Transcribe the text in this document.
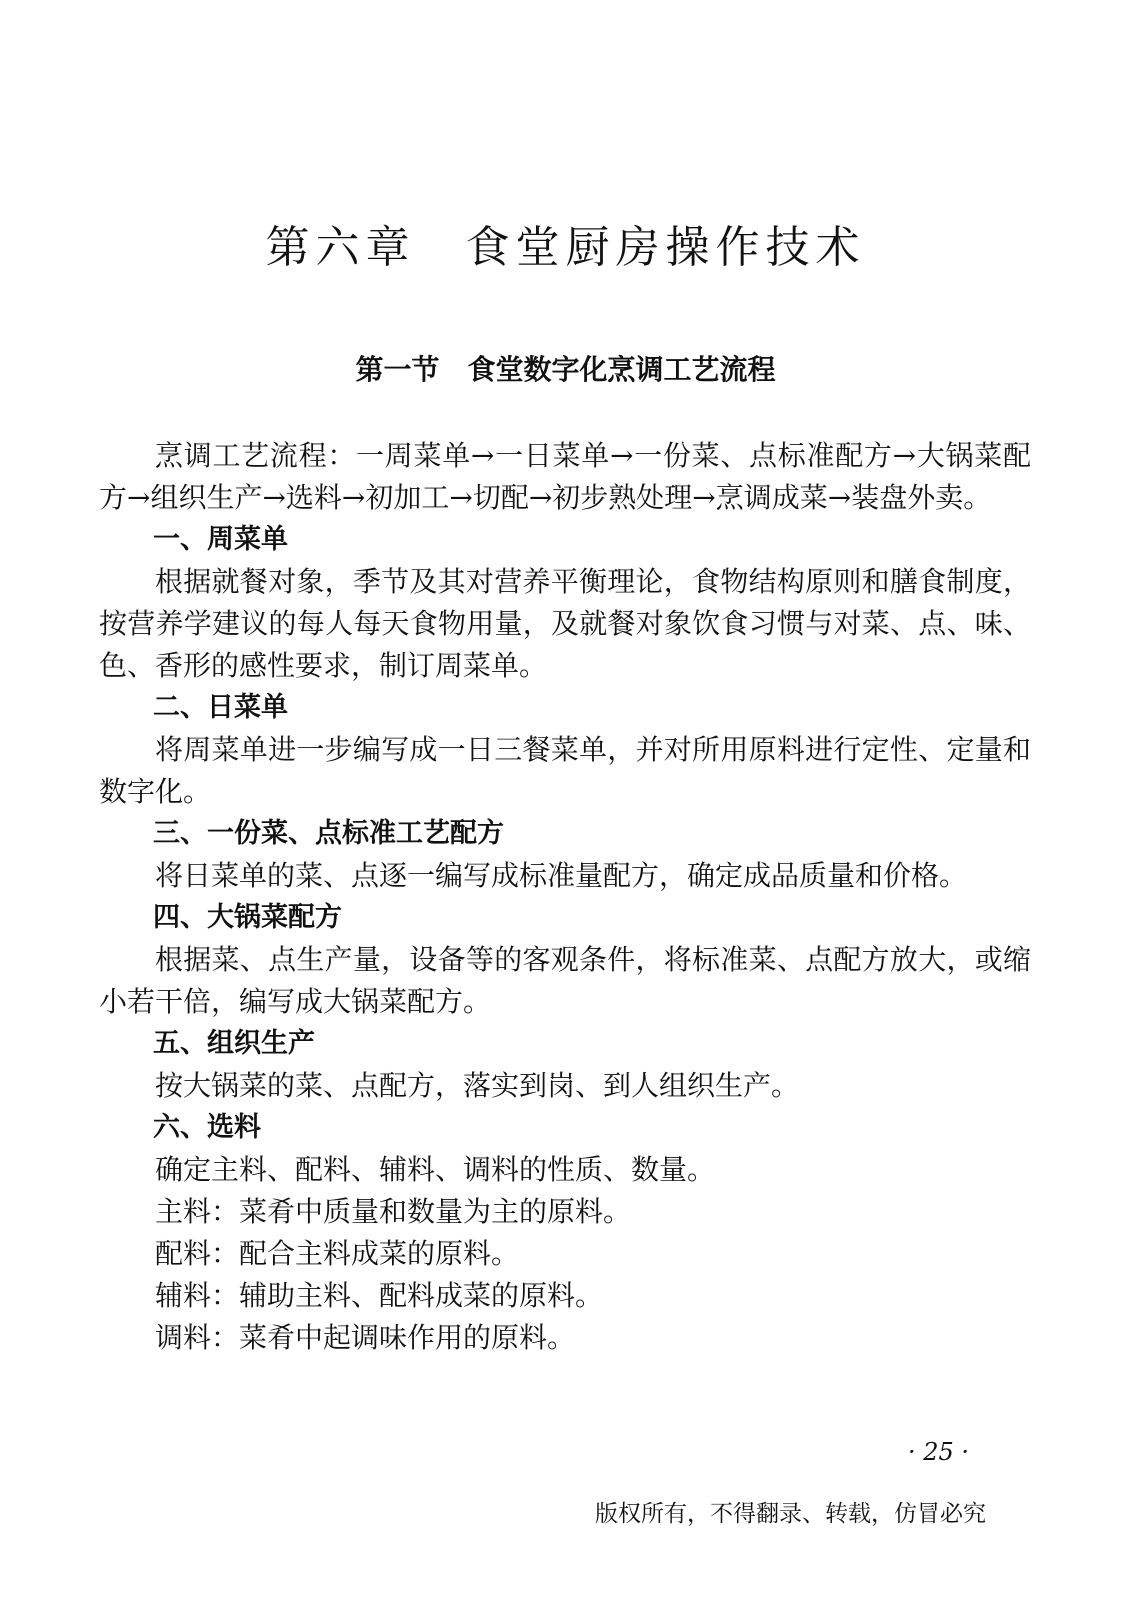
第六章　食堂厨房操作技术
第一节　食堂数字化烹调工艺流程

烹调工艺流程：一周菜单→一日菜单→一份菜、点标准配方→大锅菜配方→组织生产→选料→初加工→切配→初步熟处理→烹调成菜→装盘外卖。

一、周菜单

根据就餐对象，季节及其对营养平衡理论，食物结构原则和膳食制度，按营养学建议的每人每天食物用量，及就餐对象饮食习惯与对菜、点、味、色、香形的感性要求，制订周菜单。

二、日菜单

将周菜单进一步编写成一日三餐菜单，并对所用原料进行定性、定量和数字化。

三、一份菜、点标准工艺配方

将日菜单的菜、点逐一编写成标准量配方，确定成品质量和价格。

四、大锅菜配方

根据菜、点生产量，设备等的客观条件，将标准菜、点配方放大，或缩小若干倍，编写成大锅菜配方。

五、组织生产

按大锅菜的菜、点配方，落实到岗、到人组织生产。

六、选料

确定主料、配料、辅料、调料的性质、数量。

主料：菜肴中质量和数量为主的原料。

配料：配合主料成菜的原料。

辅料：辅助主料、配料成菜的原料。

调料：菜肴中起调味作用的原料。

· 25 ·
版权所有，不得翻录、转载，仿冒必究
